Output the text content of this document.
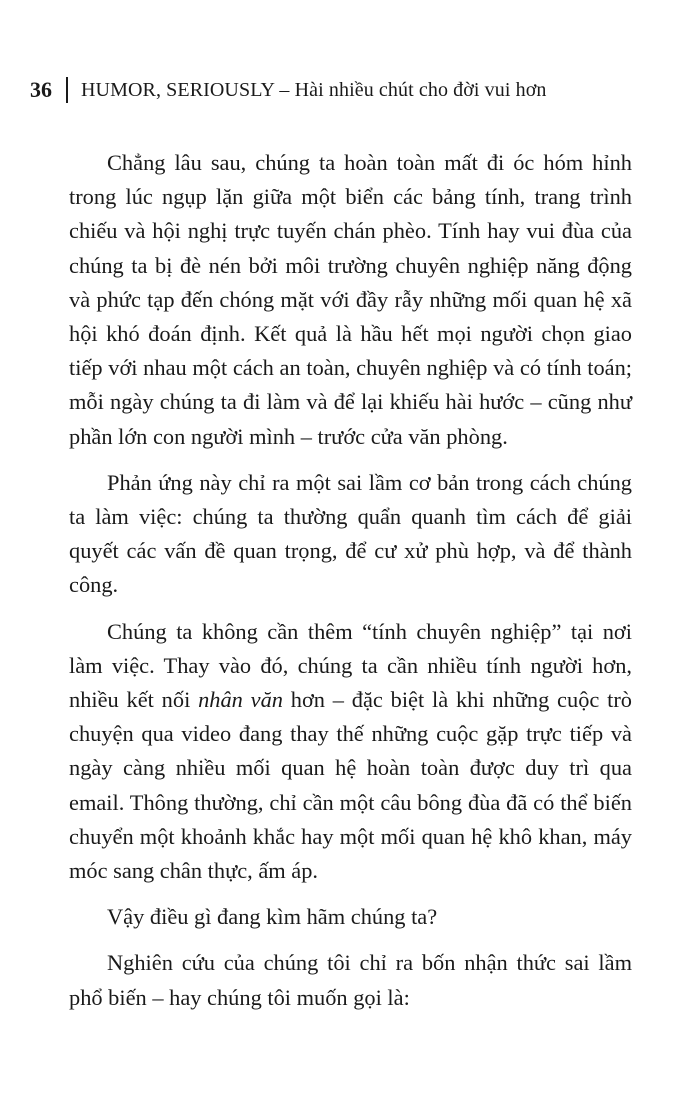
36 HUMOR, SERIOUSLY – Hài nhiều chút cho đời vui hơn

Chẳng lâu sau, chúng ta hoàn toàn mất đi óc hóm hỉnh trong lúc ngụp lặn giữa một biển các bảng tính, trang trình chiếu và hội nghị trực tuyến chán phèo. Tính hay vui đùa của chúng ta bị đè nén bởi môi trường chuyên nghiệp năng động và phức tạp đến chóng mặt với đầy rẫy những mối quan hệ xã hội khó đoán định. Kết quả là hầu hết mọi người chọn giao tiếp với nhau một cách an toàn, chuyên nghiệp và có tính toán; mỗi ngày chúng ta đi làm và để lại khiếu hài hước – cũng như phần lớn con người mình – trước cửa văn phòng.

Phản ứng này chỉ ra một sai lầm cơ bản trong cách chúng ta làm việc: chúng ta thường quẩn quanh tìm cách để giải quyết các vấn đề quan trọng, để cư xử phù hợp, và để thành công.

Chúng ta không cần thêm “tính chuyên nghiệp” tại nơi làm việc. Thay vào đó, chúng ta cần nhiều tính người hơn, nhiều kết nối nhân văn hơn – đặc biệt là khi những cuộc trò chuyện qua video đang thay thế những cuộc gặp trực tiếp và ngày càng nhiều mối quan hệ hoàn toàn được duy trì qua email. Thông thường, chỉ cần một câu bông đùa đã có thể biến chuyển một khoảnh khắc hay một mối quan hệ khô khan, máy móc sang chân thực, ấm áp.

Vậy điều gì đang kìm hãm chúng ta?

Nghiên cứu của chúng tôi chỉ ra bốn nhận thức sai lầm phổ biến – hay chúng tôi muốn gọi là:
